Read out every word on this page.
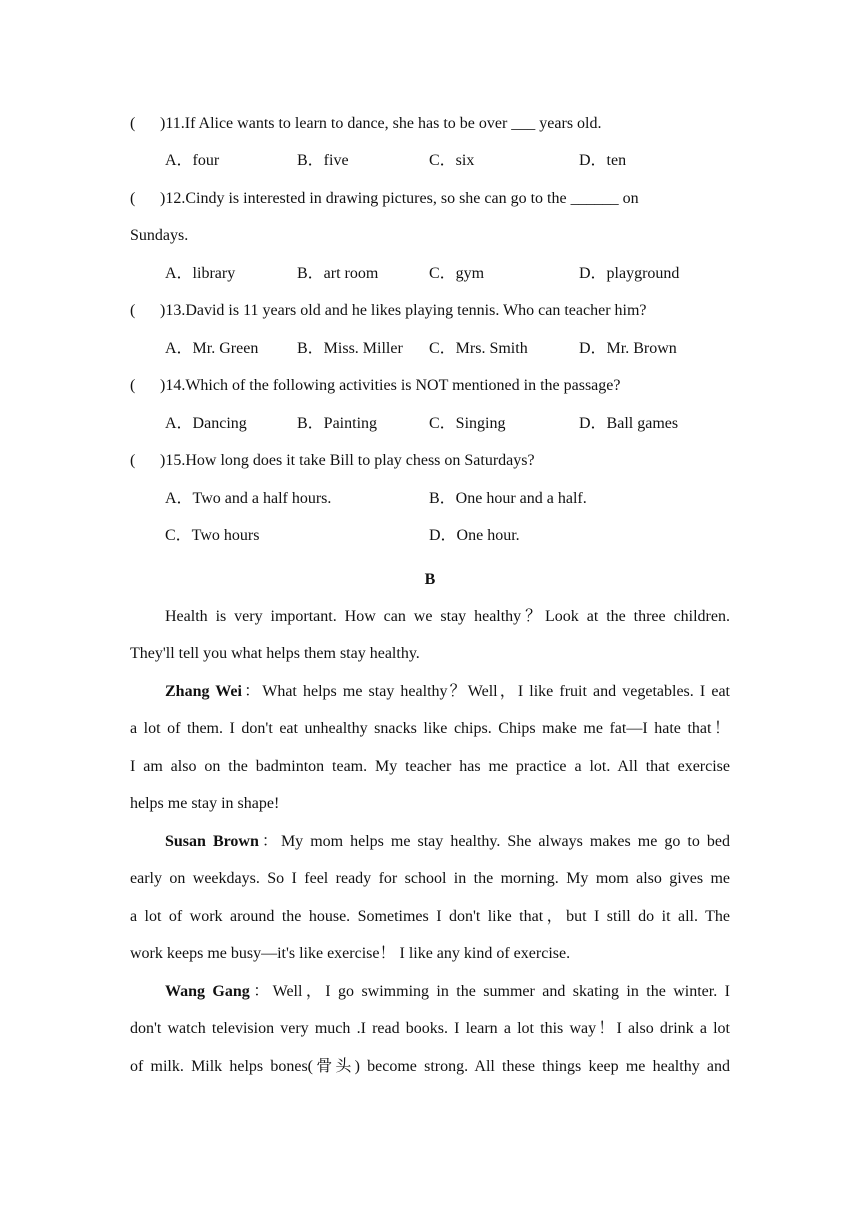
( )11.If Alice wants to learn to dance, she has to be over ___ years old.
A．four	B．five	C．six	D．ten
( )12.Cindy is interested in drawing pictures, so she can go to the ______ on
Sundays.
A．library	B．art room	C．gym	D．playground
( )13.David is 11 years old and he likes playing tennis. Who can teacher him?
A．Mr. Green B．Miss. Miller C．Mrs. Smith	D．Mr. Brown
( )14.Which of the following activities is NOT mentioned in the passage?
A．Dancing	B．Painting	C．Singing	D．Ball games
( )15.How long does it take Bill to play chess on Saturdays?
A．Two and a half hours.	B．One hour and a half.
C．Two hours	D．One hour.
B
Health is very important. How can we stay healthy？Look at the three children.
They'll tell you what helps them stay healthy.
Zhang Wei：What helps me stay healthy？Well，I like fruit and vegetables. I eat
a lot of them. I don't eat unhealthy snacks like chips. Chips make me fat—I hate that！
I am also on the badminton team. My teacher has me practice a lot. All that exercise
helps me stay in shape!
Susan Brown：My mom helps me stay healthy. She always makes me go to bed
early on weekdays. So I feel ready for school in the morning. My mom also gives me
a lot of work around the house. Sometimes I don't like that，but I still do it all. The
work keeps me busy—it's like exercise！ I like any kind of exercise.
Wang Gang：Well，I go swimming in the summer and skating in the winter. I
don't watch television very much .I read books. I learn a lot this way！I also drink a lot
of milk. Milk helps bones(骨头) become strong. All these things keep me healthy and
